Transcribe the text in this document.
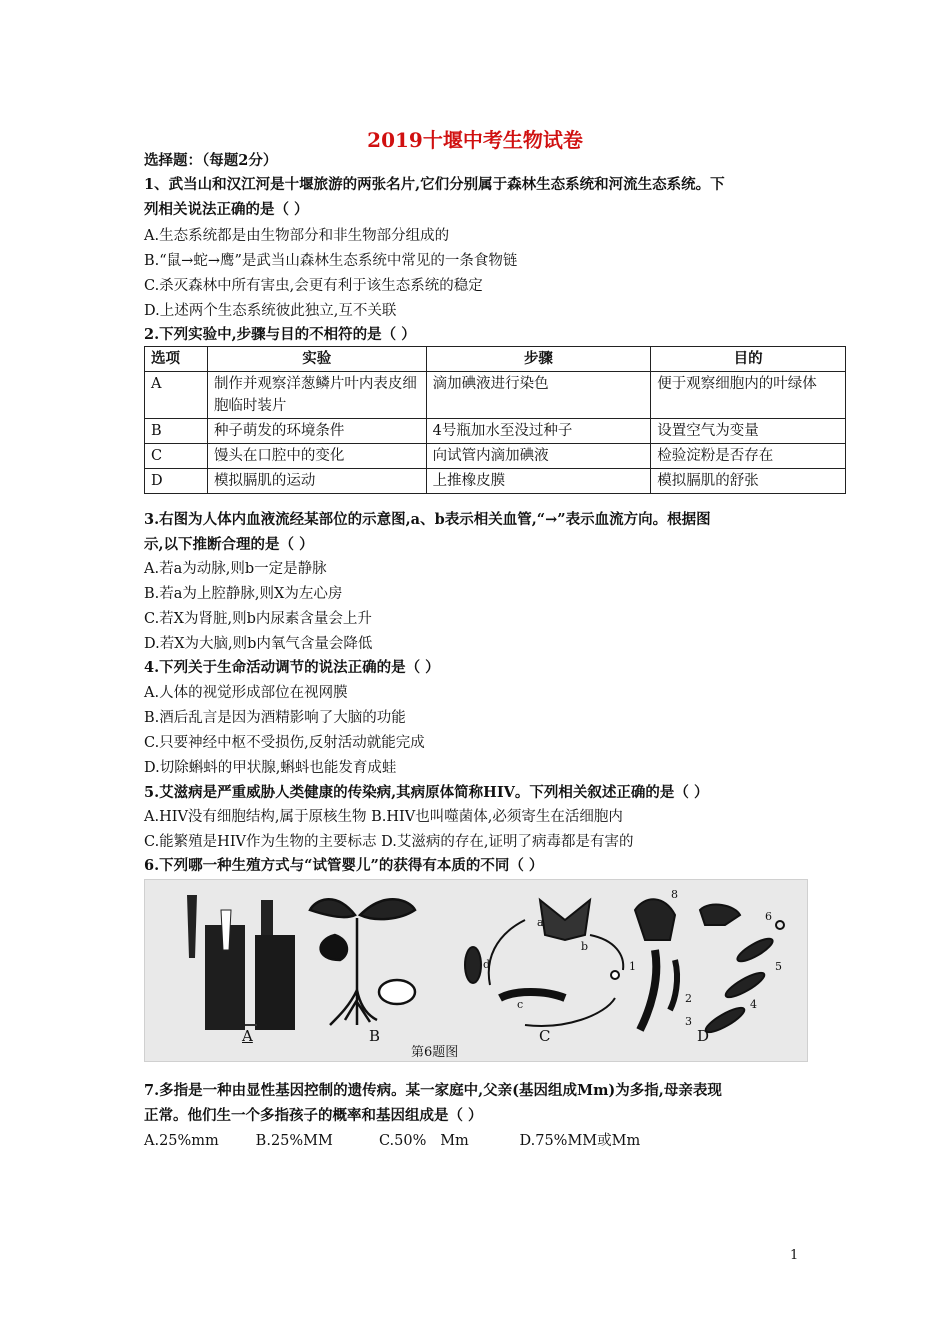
2019十堰中考生物试卷
选择题：（每题2分）
1、武当山和汉江河是十堰旅游的两张名片,它们分别属于森林生态系统和河流生态系统。下
列相关说法正确的是（ ）
A.生态系统都是由生物部分和非生物部分组成的
B.“鼠→蛇→鹰”是武当山森林生态系统中常见的一条食物链
C.杀灭森林中所有害虫,会更有利于该生态系统的稳定
D.上述两个生态系统彼此独立,互不关联
2.下列实验中,步骤与目的不相符的是（ ）
选项	实验	步骤	目的
A	制作并观察洋葱鳞片叶内表皮细胞临时装片	滴加碘液进行染色	便于观察细胞内的叶绿体
B	种子萌发的环境条件	4号瓶加水至没过种子	设置空气为变量
C	馒头在口腔中的变化	向试管内滴加碘液	检验淀粉是否存在
D	模拟膈肌的运动	上推橡皮膜	模拟膈肌的舒张
3.右图为人体内血液流经某部位的示意图,a、b表示相关血管,“→”表示血流方向。根据图
示,以下推断合理的是（ ）
A.若a为动脉,则b一定是静脉
B.若a为上腔静脉,则X为左心房
C.若X为肾脏,则b内尿素含量会上升
D.若X为大脑,则b内氧气含量会降低
4.下列关于生命活动调节的说法正确的是（ ）
A.人体的视觉形成部位在视网膜
B.酒后乱言是因为酒精影响了大脑的功能
C.只要神经中枢不受损伤,反射活动就能完成
D.切除蝌蚪的甲状腺,蝌蚪也能发育成蛙
5.艾滋病是严重威胁人类健康的传染病,其病原体简称HIV。下列相关叙述正确的是（ ）
A.HIV没有细胞结构,属于原核生物 B.HIV也叫噬菌体,必须寄生在活细胞内
C.能繁殖是HIV作为生物的主要标志 D.艾滋病的存在,证明了病毒都是有害的
6.下列哪一种生殖方式与“试管婴儿”的获得有本质的不同（ ）
A	B	C	D
第6题图
a
b
c
d	1
2
3
4
5
6
8
7.多指是一种由显性基因控制的遗传病。某一家庭中,父亲(基因组成Mm)为多指,母亲表现
正常。他们生一个多指孩子的概率和基因组成是（ ）
A.25%mm        B.25%MM          C.50%   Mm           D.75%MM或Mm
1
